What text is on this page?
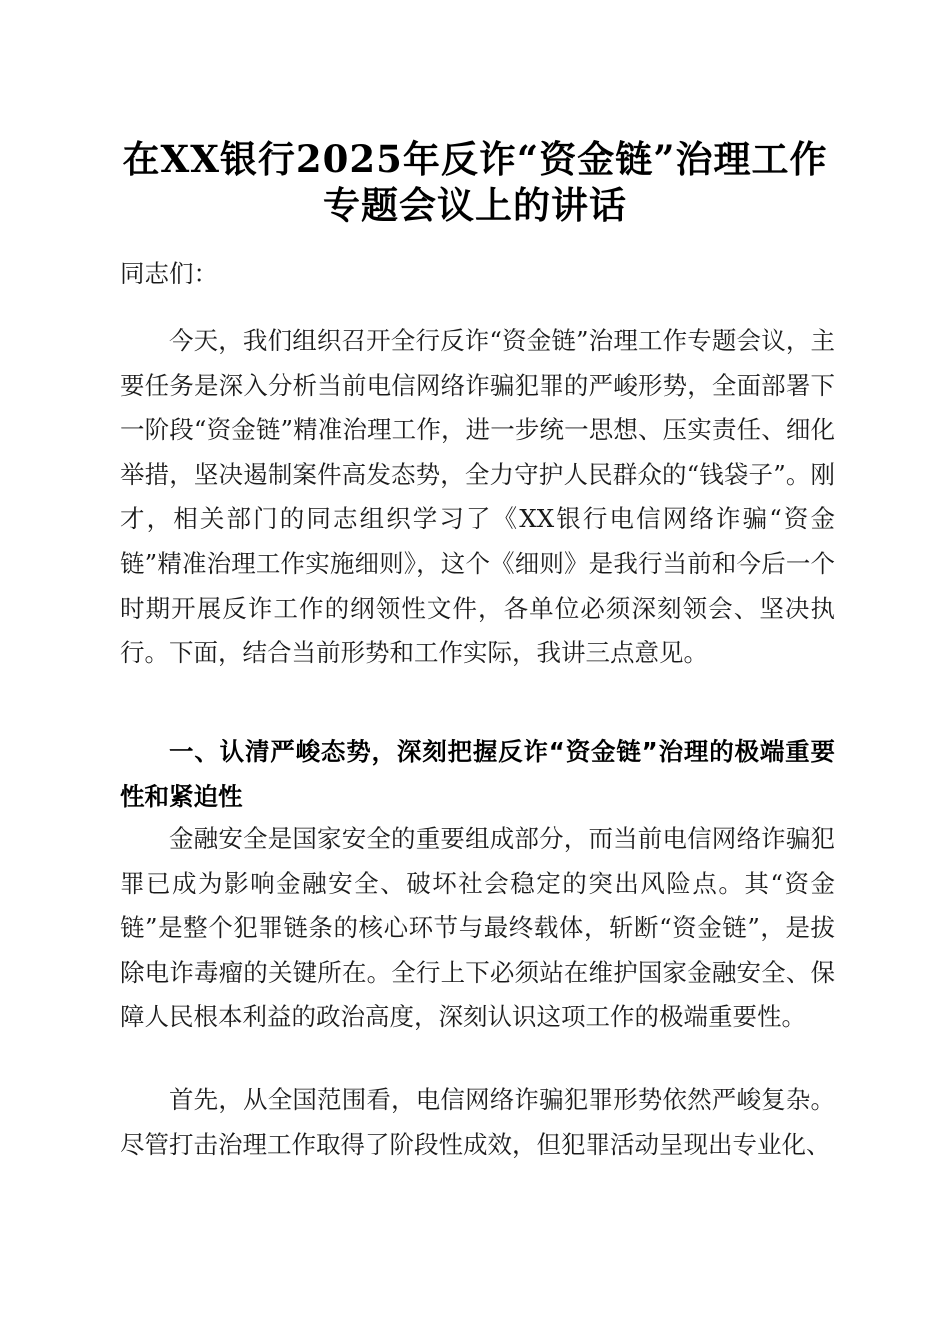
在XX银行2025年反诈“资金链”治理工作
专题会议上的讲话

同志们：

今天，我们组织召开全行反诈“资金链”治理工作专题会议，主要任务是深入分析当前电信网络诈骗犯罪的严峻形势，全面部署下一阶段“资金链”精准治理工作，进一步统一思想、压实责任、细化举措，坚决遏制案件高发态势，全力守护人民群众的“钱袋子”。刚才，相关部门的同志组织学习了《XX银行电信网络诈骗“资金链”精准治理工作实施细则》，这个《细则》是我行当前和今后一个时期开展反诈工作的纲领性文件，各单位必须深刻领会、坚决执行。下面，结合当前形势和工作实际，我讲三点意见。

一、认清严峻态势，深刻把握反诈“资金链”治理的极端重要性和紧迫性

金融安全是国家安全的重要组成部分，而当前电信网络诈骗犯罪已成为影响金融安全、破坏社会稳定的突出风险点。其“资金链”是整个犯罪链条的核心环节与最终载体，斩断“资金链”，是拔除电诈毒瘤的关键所在。全行上下必须站在维护国家金融安全、保障人民根本利益的政治高度，深刻认识这项工作的极端重要性。

首先，从全国范围看，电信网络诈骗犯罪形势依然严峻复杂。尽管打击治理工作取得了阶段性成效，但犯罪活动呈现出专业化、
